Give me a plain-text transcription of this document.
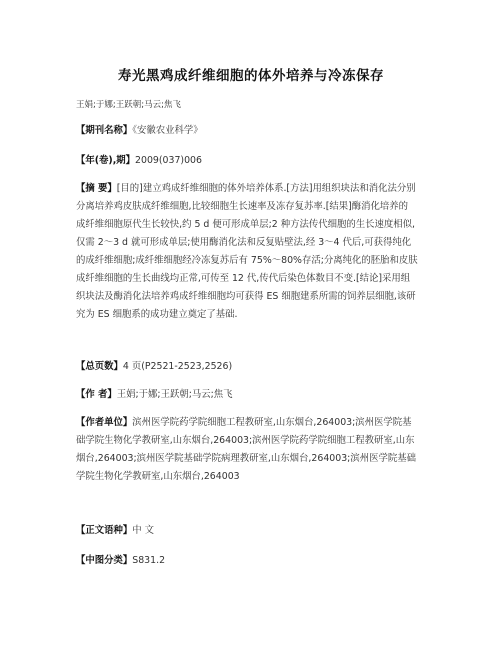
寿光黑鸡成纤维细胞的体外培养与冷冻保存
王娟;于娜;王跃朝;马云;焦飞
【期刊名称】《安徽农业科学》
【年(卷),期】2009(037)006
【摘 要】[目的]建立鸡成纤维细胞的体外培养体系.[方法]用组织块法和消化法分别
分离培养鸡皮肤成纤维细胞,比较细胞生长速率及冻存复苏率.[结果]酶消化培养的
成纤维细胞原代生长较快,约 5 d 便可形成单层;2 种方法传代细胞的生长速度相似,
仅需 2～3 d 就可形成单层;使用酶消化法和反复贴壁法,经 3～4 代后,可获得纯化
的成纤维细胞;成纤维细胞经冷冻复苏后有 75%～80%存活;分离纯化的胚胎和皮肤
成纤维细胞的生长曲线均正常,可传至 12 代,传代后染色体数目不变.[结论]采用组
织块法及酶消化法培养鸡成纤维细胞均可获得 ES 细胞建系所需的饲养层细胞,该研
究为 ES 细胞系的成功建立奠定了基础.
【总页数】4 页(P2521-2523,2526)
【作 者】王娟;于娜;王跃朝;马云;焦飞
【作者单位】滨州医学院药学院细胞工程教研室,山东烟台,264003;滨州医学院基
础学院生物化学教研室,山东烟台,264003;滨州医学院药学院细胞工程教研室,山东
烟台,264003;滨州医学院基础学院病理教研室,山东烟台,264003;滨州医学院基础
学院生物化学教研室,山东烟台,264003
【正文语种】中 文
【中图分类】S831.2
